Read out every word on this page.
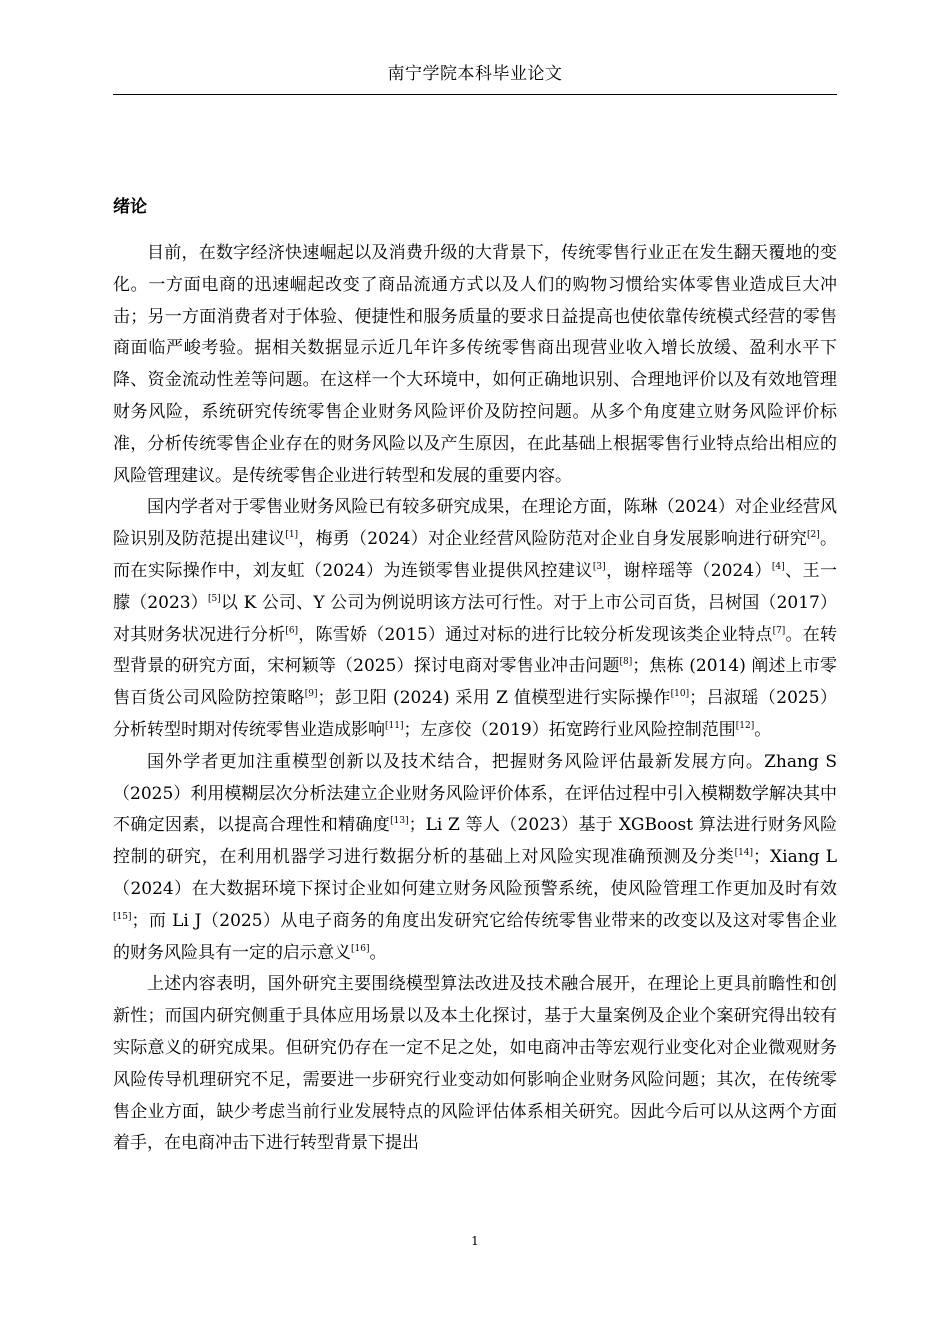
南宁学院本科毕业论文
绪论

目前，在数字经济快速崛起以及消费升级的大背景下，传统零售行业正在发生翻天覆地的变化。一方面电商的迅速崛起改变了商品流通方式以及人们的购物习惯给实体零售业造成巨大冲击；另一方面消费者对于体验、便捷性和服务质量的要求日益提高也使依靠传统模式经营的零售商面临严峻考验。据相关数据显示近几年许多传统零售商出现营业收入增长放缓、盈利水平下降、资金流动性差等问题。在这样一个大环境中，如何正确地识别、合理地评价以及有效地管理财务风险，系统研究传统零售企业财务风险评价及防控问题。从多个角度建立财务风险评价标准，分析传统零售企业存在的财务风险以及产生原因，在此基础上根据零售行业特点给出相应的风险管理建议。是传统零售企业进行转型和发展的重要内容。

国内学者对于零售业财务风险已有较多研究成果，在理论方面，陈琳（2024）对企业经营风险识别及防范提出建议[1]，梅勇（2024）对企业经营风险防范对企业自身发展影响进行研究[2]。而在实际操作中，刘友虹（2024）为连锁零售业提供风控建议[3]，谢梓瑶等（2024）[4]、王一朦（2023）[5]以 K 公司、Y 公司为例说明该方法可行性。对于上市公司百货，吕树国（2017）对其财务状况进行分析[6]，陈雪娇（2015）通过对标的进行比较分析发现该类企业特点[7]。在转型背景的研究方面，宋柯颖等（2025）探讨电商对零售业冲击问题[8]；焦栋 (2014) 阐述上市零售百货公司风险防控策略[9]；彭卫阳 (2024) 采用 Z 值模型进行实际操作[10]；吕淑瑶（2025）分析转型时期对传统零售业造成影响[11]；左彦佼（2019）拓宽跨行业风险控制范围[12]。

国外学者更加注重模型创新以及技术结合，把握财务风险评估最新发展方向。Zhang S（2025）利用模糊层次分析法建立企业财务风险评价体系，在评估过程中引入模糊数学解决其中不确定因素，以提高合理性和精确度[13]；Li Z 等人（2023）基于 XGBoost 算法进行财务风险控制的研究，在利用机器学习进行数据分析的基础上对风险实现准确预测及分类[14]；Xiang L（2024）在大数据环境下探讨企业如何建立财务风险预警系统，使风险管理工作更加及时有效[15]；而 Li J（2025）从电子商务的角度出发研究它给传统零售业带来的改变以及这对零售企业的财务风险具有一定的启示意义[16]。

上述内容表明，国外研究主要围绕模型算法改进及技术融合展开，在理论上更具前瞻性和创新性；而国内研究侧重于具体应用场景以及本土化探讨，基于大量案例及企业个案研究得出较有实际意义的研究成果。但研究仍存在一定不足之处，如电商冲击等宏观行业变化对企业微观财务风险传导机理研究不足，需要进一步研究行业变动如何影响企业财务风险问题；其次，在传统零售企业方面，缺少考虑当前行业发展特点的风险评估体系相关研究。因此今后可以从这两个方面着手，在电商冲击下进行转型背景下提出

1
